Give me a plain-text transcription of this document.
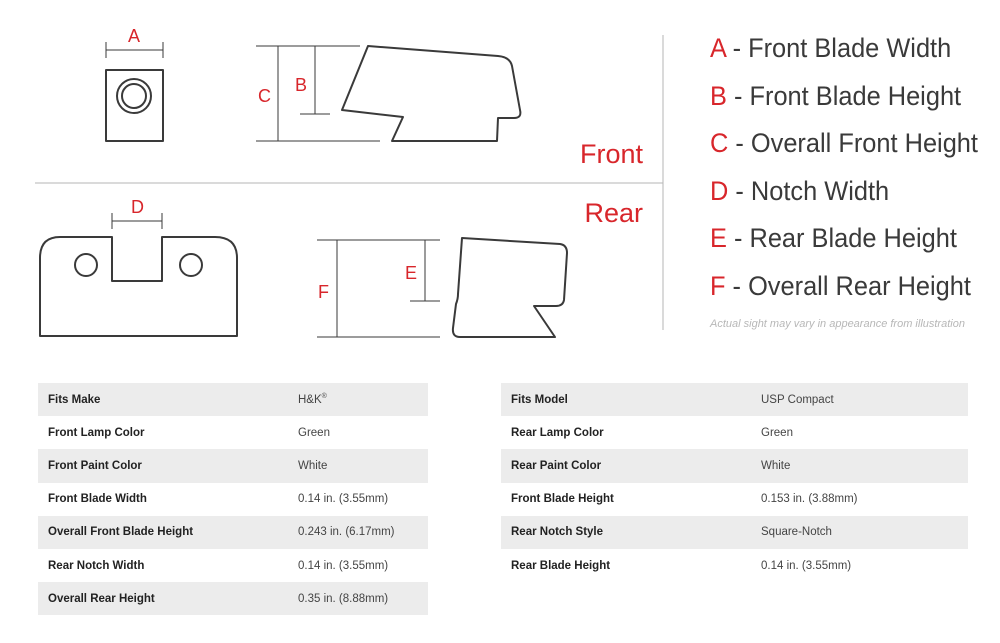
A
B
C
D
E
F
Front
Rear
A - Front Blade Width
B - Front Blade Height
C - Overall Front Height
D - Notch Width
E - Rear Blade Height
F - Overall Rear Height
Actual sight may vary in appearance from illustration
Fits Make	H&K®
Front Lamp Color	Green
Front Paint Color	White
Front Blade Width	0.14 in. (3.55mm)
Overall Front Blade Height	0.243 in. (6.17mm)
Rear Notch Width	0.14 in. (3.55mm)
Overall Rear Height	0.35 in. (8.88mm)
Fits Model	USP Compact
Rear Lamp Color	Green
Rear Paint Color	White
Front Blade Height	0.153 in. (3.88mm)
Rear Notch Style	Square-Notch
Rear Blade Height	0.14 in. (3.55mm)
